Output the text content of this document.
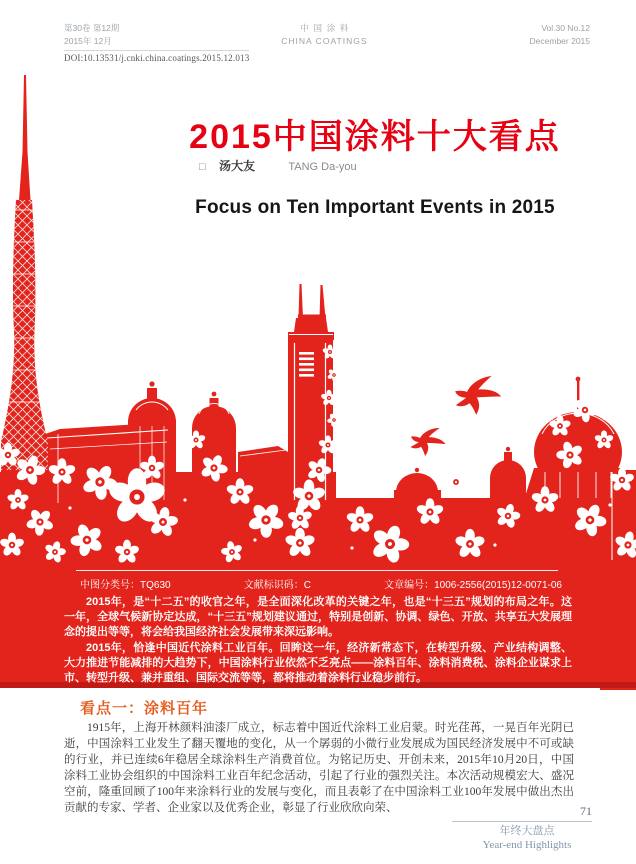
第30卷 第12期
2015年 12月
中国涂料
CHINA COATINGS
Vol.30 No.12
December 2015
DOI:10.13531/j.cnki.china.coatings.2015.12.013
2015中国涂料十大看点
□ 汤大友	TANG Da-you
Focus on Ten Important Events in 2015
中图分类号：TQ630	文献标识码：C	文章编号：1006-2556(2015)12-0071-06

2015年，是“十二五”的收官之年，是全面深化改革的关键之年，也是“十三五”规划的布局之年。这一年，全球气候新协定达成，“十三五”规划建议通过，特别是创新、协调、绿色、开放、共享五大发展理念的提出等等，将会给我国经济社会发展带来深远影响。

2015年，恰逢中国近代涂料工业百年。回眸这一年，经济新常态下，在转型升级、产业结构调整、大力推进节能减排的大趋势下，中国涂料行业依然不乏亮点——涂料百年、涂料消费税、涂料企业谋求上市、转型升级、兼并重组、国际交流等等，都将推动着涂料行业稳步前行。

看点一：涂料百年

1915年，上海开林颜料油漆厂成立，标志着中国近代涂料工业启蒙。时光荏苒，一晃百年光阴已逝，中国涂料工业发生了翻天覆地的变化，从一个孱弱的小微行业发展成为国民经济发展中不可或缺的行业，并已连续6年稳居全球涂料生产消费首位。为铭记历史、开创未来，2015年10月20日，中国涂料工业协会组织的中国涂料工业百年纪念活动，引起了行业的强烈关注。本次活动规模宏大、盛况空前，隆重回顾了100年来涂料行业的发展与变化，而且表彰了在中国涂料工业100年发展中做出杰出贡献的专家、学者、企业家以及优秀企业，彰显了行业欣欣向荣、	71
年终大盘点
Year-end Highlights
